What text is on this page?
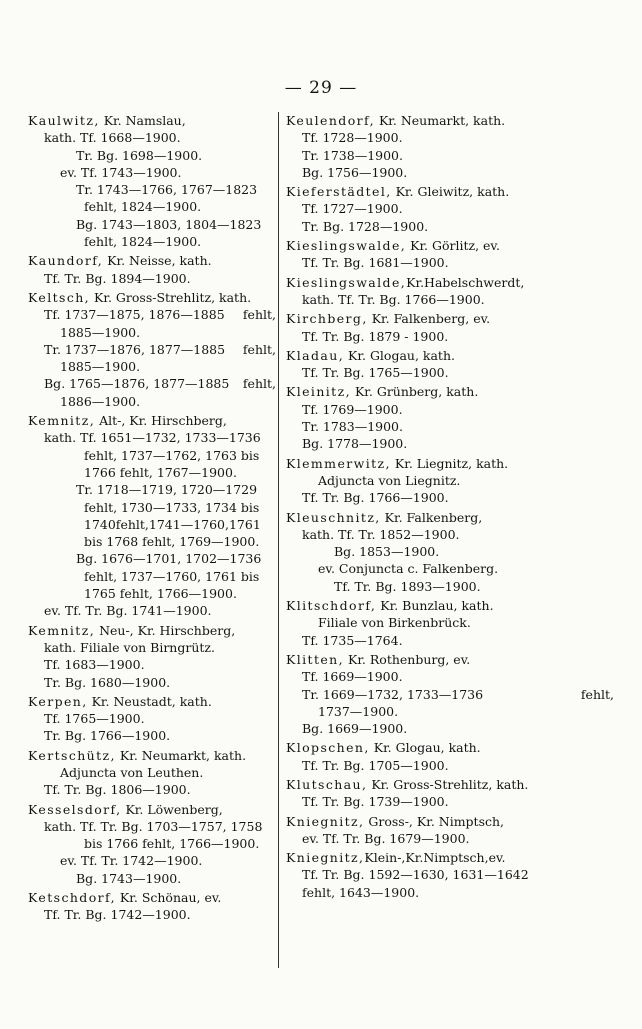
— 29 —
Kaulwitz, Kr. Namslau,
kath. Tf. 1668—1900.
Tr. Bg. 1698—1900.
ev. Tf. 1743—1900.
Tr. 1743—1766, 1767—1823
fehlt, 1824—1900.
Bg. 1743—1803, 1804—1823
fehlt, 1824—1900.
Kaundorf, Kr. Neisse, kath.
Tf. Tr. Bg. 1894—1900.
Keltsch, Kr. Gross-Strehlitz, kath.
Tf. 1737—1875, 1876—1885 fehlt,
1885—1900.
Tr. 1737—1876, 1877—1885 fehlt,
1885—1900.
Bg. 1765—1876, 1877—1885 fehlt,
1886—1900.
Kemnitz, Alt-, Kr. Hirschberg,
kath. Tf. 1651—1732, 1733—1736
fehlt, 1737—1762, 1763 bis
1766 fehlt, 1767—1900.
Tr. 1718—1719, 1720—1729
fehlt, 1730—1733, 1734 bis
1740fehlt,1741—1760,1761
bis 1768 fehlt, 1769—1900.
Bg. 1676—1701, 1702—1736
fehlt, 1737—1760, 1761 bis
1765 fehlt, 1766—1900.
ev. Tf. Tr. Bg. 1741—1900.
Kemnitz, Neu-, Kr. Hirschberg,
kath. Filiale von Birngrütz.
Tf. 1683—1900.
Tr. Bg. 1680—1900.
Kerpen, Kr. Neustadt, kath.
Tf. 1765—1900.
Tr. Bg. 1766—1900.
Kertschütz, Kr. Neumarkt, kath.
Adjuncta von Leuthen.
Tf. Tr. Bg. 1806—1900.
Kesselsdorf, Kr. Löwenberg,
kath. Tf. Tr. Bg. 1703—1757, 1758
bis 1766 fehlt, 1766—1900.
ev. Tf. Tr. 1742—1900.
Bg. 1743—1900.
Ketschdorf, Kr. Schönau, ev.
Tf. Tr. Bg. 1742—1900.
Keulendorf, Kr. Neumarkt, kath.
Tf. 1728—1900.
Tr. 1738—1900.
Bg. 1756—1900.
Kieferstädtel, Kr. Gleiwitz, kath.
Tf. 1727—1900.
Tr. Bg. 1728—1900.
Kieslingswalde, Kr. Görlitz, ev.
Tf. Tr. Bg. 1681—1900.
Kieslingswalde,Kr.Habelschwerdt,
kath. Tf. Tr. Bg. 1766—1900.
Kirchberg, Kr. Falkenberg, ev.
Tf. Tr. Bg. 1879 - 1900.
Kladau, Kr. Glogau, kath.
Tf. Tr. Bg. 1765—1900.
Kleinitz, Kr. Grünberg, kath.
Tf. 1769—1900.
Tr. 1783—1900.
Bg. 1778—1900.
Klemmerwitz, Kr. Liegnitz, kath.
Adjuncta von Liegnitz.
Tf. Tr. Bg. 1766—1900.
Kleuschnitz, Kr. Falkenberg,
kath. Tf. Tr. 1852—1900.
Bg. 1853—1900.
ev. Conjuncta c. Falkenberg.
Tf. Tr. Bg. 1893—1900.
Klitschdorf, Kr. Bunzlau, kath.
Filiale von Birkenbrück.
Tf. 1735—1764.
Klitten, Kr. Rothenburg, ev.
Tf. 1669—1900.
Tr. 1669—1732, 1733—1736	fehlt,
1737—1900.
Bg. 1669—1900.
Klopschen, Kr. Glogau, kath.
Tf. Tr. Bg. 1705—1900.
Klutschau, Kr. Gross-Strehlitz, kath.
Tf. Tr. Bg. 1739—1900.
Kniegnitz, Gross-, Kr. Nimptsch,
ev. Tf. Tr. Bg. 1679—1900.
Kniegnitz,Klein-,Kr.Nimptsch,ev.
Tf. Tr. Bg. 1592—1630, 1631—1642
fehlt, 1643—1900.
